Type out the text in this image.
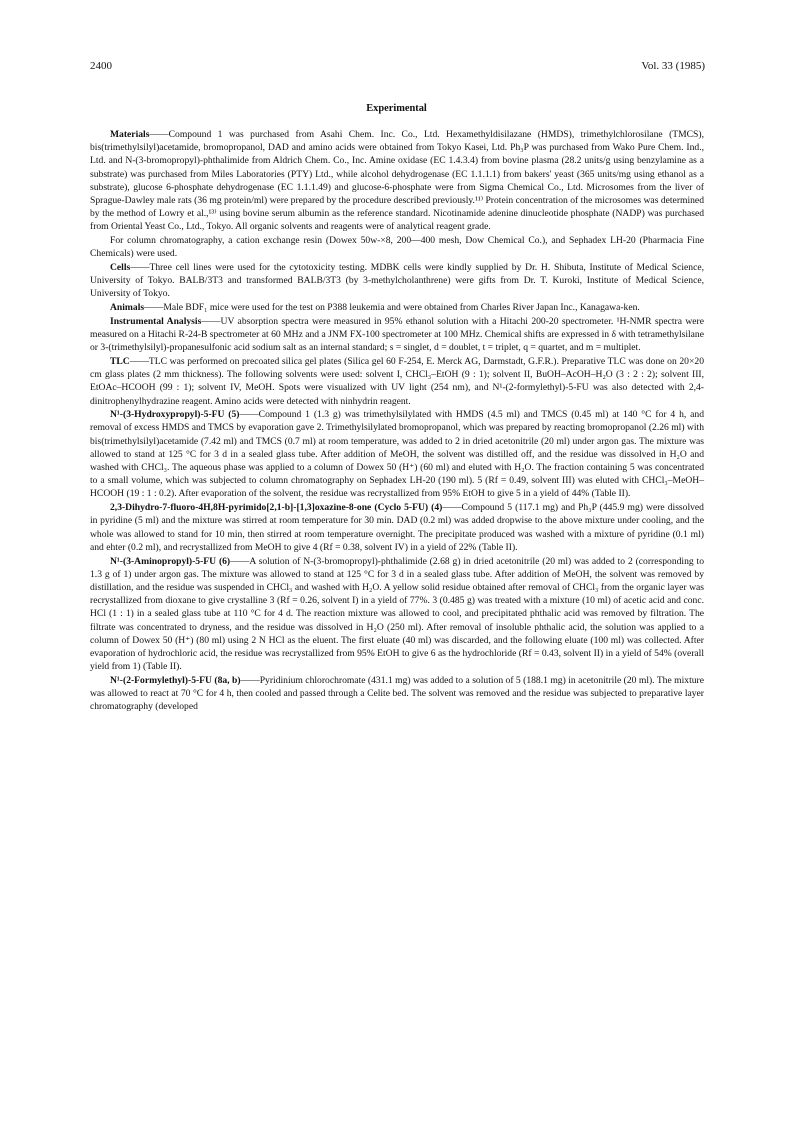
2400	Vol. 33 (1985)
Experimental

Materials——Compound 1 was purchased from Asahi Chem. Inc. Co., Ltd. Hexamethyldisilazane (HMDS), trimethylchlorosilane (TMCS), bis(trimethylsilyl)acetamide, bromopropanol, DAD and amino acids were obtained from Tokyo Kasei, Ltd. Ph₃P was purchased from Wako Pure Chem. Ind., Ltd. and N-(3-bromopropyl)-phthalimide from Aldrich Chem. Co., Inc. Amine oxidase (EC 1.4.3.4) from bovine plasma (28.2 units/g using benzylamine as a substrate) was purchased from Miles Laboratories (PTY) Ltd., while alcohol dehydrogenase (EC 1.1.1.1) from bakers' yeast (365 units/mg using ethanol as a substrate), glucose 6-phosphate dehydrogenase (EC 1.1.1.49) and glucose-6-phosphate were from Sigma Chemical Co., Ltd. Microsomes from the liver of Sprague-Dawley male rats (36 mg protein/ml) were prepared by the procedure described previously.¹¹⁾ Protein concentration of the microsomes was determined by the method of Lowry et al.,¹³⁾ using bovine serum albumin as the reference standard. Nicotinamide adenine dinucleotide phosphate (NADP) was purchased from Oriental Yeast Co., Ltd., Tokyo. All organic solvents and reagents were of analytical reagent grade.

For column chromatography, a cation exchange resin (Dowex 50w-×8, 200—400 mesh, Dow Chemical Co.), and Sephadex LH-20 (Pharmacia Fine Chemicals) were used.

Cells——Three cell lines were used for the cytotoxicity testing. MDBK cells were kindly supplied by Dr. H. Shibuta, Institute of Medical Science, University of Tokyo. BALB/3T3 and transformed BALB/3T3 (by 3-methylcholanthrene) were gifts from Dr. T. Kuroki, Institute of Medical Science, University of Tokyo.

Animals——Male BDF₁ mice were used for the test on P388 leukemia and were obtained from Charles River Japan Inc., Kanagawa-ken.

Instrumental Analysis——UV absorption spectra were measured in 95% ethanol solution with a Hitachi 200-20 spectrometer. ¹H-NMR spectra were measured on a Hitachi R-24-B spectrometer at 60 MHz and a JNM FX-100 spectrometer at 100 MHz. Chemical shifts are expressed in δ with tetramethylsilane or 3-(trimethylsilyl)-propanesulfonic acid sodium salt as an internal standard; s = singlet, d = doublet, t = triplet, q = quartet, and m = multiplet.

TLC——TLC was performed on precoated silica gel plates (Silica gel 60 F-254, E. Merck AG, Darmstadt, G.F.R.). Preparative TLC was done on 20×20 cm glass plates (2 mm thickness). The following solvents were used: solvent I, CHCl₃–EtOH (9 : 1); solvent II, BuOH–AcOH–H₂O (3 : 2 : 2); solvent III, EtOAc–HCOOH (99 : 1); solvent IV, MeOH. Spots were visualized with UV light (254 nm), and N¹-(2-formylethyl)-5-FU was also detected with 2,4-dinitrophenylhydrazine reagent. Amino acids were detected with ninhydrin reagent.

N¹-(3-Hydroxypropyl)-5-FU (5)——Compound 1 (1.3 g) was trimethylsilylated with HMDS (4.5 ml) and TMCS (0.45 ml) at 140 °C for 4 h, and removal of excess HMDS and TMCS by evaporation gave 2. Trimethylsilylated bromopropanol, which was prepared by reacting bromopropanol (2.26 ml) with bis(trimethylsilyl)acetamide (7.42 ml) and TMCS (0.7 ml) at room temperature, was added to 2 in dried acetonitrile (20 ml) under argon gas. The mixture was allowed to stand at 125 °C for 3 d in a sealed glass tube. After addition of MeOH, the solvent was distilled off, and the residue was dissolved in H₂O and washed with CHCl₃. The aqueous phase was applied to a column of Dowex 50 (H⁺) (60 ml) and eluted with H₂O. The fraction containing 5 was concentrated to a small volume, which was subjected to column chromatography on Sephadex LH-20 (190 ml). 5 (Rf = 0.49, solvent III) was eluted with CHCl₃–MeOH–HCOOH (19 : 1 : 0.2). After evaporation of the solvent, the residue was recrystallized from 95% EtOH to give 5 in a yield of 44% (Table II).

2,3-Dihydro-7-fluoro-4H,8H-pyrimido[2,1-b]-[1,3]oxazine-8-one (Cyclo 5-FU) (4)——Compound 5 (117.1 mg) and Ph₃P (445.9 mg) were dissolved in pyridine (5 ml) and the mixture was stirred at room temperature for 30 min. DAD (0.2 ml) was added dropwise to the above mixture under cooling, and the whole was allowed to stand for 10 min, then stirred at room temperature overnight. The precipitate produced was washed with a mixture of pyridine (0.1 ml) and ehter (0.2 ml), and recrystallized from MeOH to give 4 (Rf = 0.38, solvent IV) in a yield of 22% (Table II).

N¹-(3-Aminopropyl)-5-FU (6)——A solution of N-(3-bromopropyl)-phthalimide (2.68 g) in dried acetonitrile (20 ml) was added to 2 (corresponding to 1.3 g of 1) under argon gas. The mixture was allowed to stand at 125 °C for 3 d in a sealed glass tube. After addition of MeOH, the solvent was removed by distillation, and the residue was suspended in CHCl₃ and washed with H₂O. A yellow solid residue obtained after removal of CHCl₃ from the organic layer was recrystallized from dioxane to give crystalline 3 (Rf = 0.26, solvent I) in a yield of 77%. 3 (0.485 g) was treated with a mixture (10 ml) of acetic acid and conc. HCl (1 : 1) in a sealed glass tube at 110 °C for 4 d. The reaction mixture was allowed to cool, and precipitated phthalic acid was removed by filtration. The filtrate was concentrated to dryness, and the residue was dissolved in H₂O (250 ml). After removal of insoluble phthalic acid, the solution was applied to a column of Dowex 50 (H⁺) (80 ml) using 2 N HCl as the eluent. The first eluate (40 ml) was discarded, and the following eluate (100 ml) was collected. After evaporation of hydrochloric acid, the residue was recrystallized from 95% EtOH to give 6 as the hydrochloride (Rf = 0.43, solvent II) in a yield of 54% (overall yield from 1) (Table II).

N¹-(2-Formylethyl)-5-FU (8a, b)——Pyridinium chlorochromate (431.1 mg) was added to a solution of 5 (188.1 mg) in acetonitrile (20 ml). The mixture was allowed to react at 70 °C for 4 h, then cooled and passed through a Celite bed. The solvent was removed and the residue was subjected to preparative layer chromatography (developed
